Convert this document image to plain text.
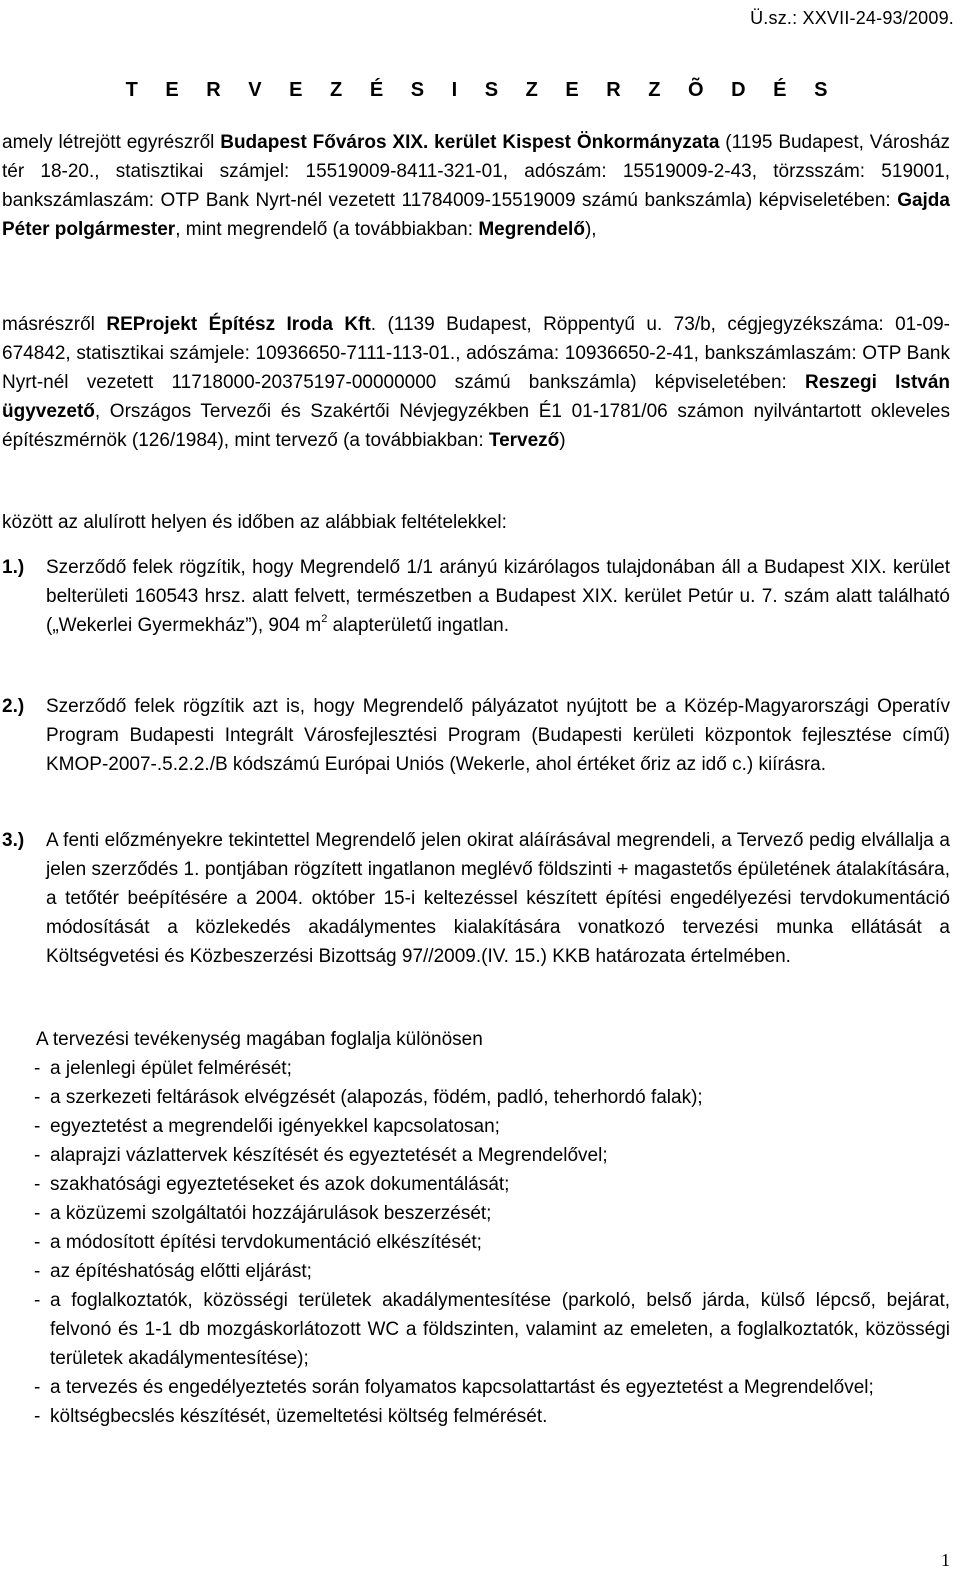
Ü.sz.: XXVII-24-93/2009.
T E R V E Z É S I S Z E R Z Õ D É S

amely létrejött egyrészről Budapest Főváros XIX. kerület Kispest Önkormányzata (1195 Budapest, Városház tér 18-20., statisztikai számjel: 15519009-8411-321-01, adószám: 15519009-2-43, törzsszám: 519001, bankszámlaszám: OTP Bank Nyrt-nél vezetett 11784009-15519009 számú bankszámla) képviseletében: Gajda Péter polgármester, mint megrendelő (a továbbiakban: Megrendelő),

másrészről REProjekt Építész Iroda Kft. (1139 Budapest, Röppentyű u. 73/b, cégjegyzékszáma: 01-09-674842, statisztikai számjele: 10936650-7111-113-01., adószáma: 10936650-2-41, bankszámlaszám: OTP Bank Nyrt-nél vezetett 11718000-20375197-00000000 számú bankszámla) képviseletében: Reszegi István ügyvezető, Országos Tervezői és Szakértői Névjegyzékben É1 01-1781/06 számon nyilvántartott okleveles építészmérnök (126/1984), mint tervező (a továbbiakban: Tervező)

között az alulírott helyen és időben az alábbiak feltételekkel:
1.)	Szerződő felek rögzítik, hogy Megrendelő 1/1 arányú kizárólagos tulajdonában áll a Budapest XIX. kerület belterületi 160543 hrsz. alatt felvett, természetben a Budapest XIX. kerület Petúr u. 7. szám alatt található („Wekerlei Gyermekház”), 904 $m^2$ alapterületű ingatlan.
2.)	Szerződő felek rögzítik azt is, hogy Megrendelő pályázatot nyújtott be a Közép-Magyarországi Operatív Program Budapesti Integrált Városfejlesztési Program (Budapesti kerületi központok fejlesztése című) KMOP-2007-.5.2.2./B kódszámú Európai Uniós (Wekerle, ahol értéket őriz az idő c.) kiírásra.
3.)	A fenti előzményekre tekintettel Megrendelő jelen okirat aláírásával megrendeli, a Tervező pedig elvállalja a jelen szerződés 1. pontjában rögzített ingatlanon meglévő földszinti + magastetős épületének átalakítására, a tetőtér beépítésére a 2004. október 15-i keltezéssel készített építési engedélyezési tervdokumentáció módosítását a közlekedés akadálymentes kialakítására vonatkozó tervezési munka ellátását a Költségvetési és Közbeszerzési Bizottság 97//2009.(IV. 15.) KKB határozata értelmében.
A tervezési tevékenység magában foglalja különösen
- a jelenlegi épület felmérését;
- a szerkezeti feltárások elvégzését (alapozás, födém, padló, teherhordó falak);
- egyeztetést a megrendelői igényekkel kapcsolatosan;
- alaprajzi vázlattervek készítését és egyeztetését a Megrendelővel;
- szakhatósági egyeztetéseket és azok dokumentálását;
- a közüzemi szolgáltatói hozzájárulások beszerzését;
- a módosított építési tervdokumentáció elkészítését;
- az építéshatóság előtti eljárást;
- a foglalkoztatók, közösségi területek akadálymentesítése (parkoló, belső járda, külső lépcső, bejárat, felvonó és 1-1 db mozgáskorlátozott WC a földszinten, valamint az emeleten, a foglalkoztatók, közösségi területek akadálymentesítése);
- a tervezés és engedélyeztetés során folyamatos kapcsolattartást és egyeztetést a Megrendelővel;
- költségbecslés készítését, üzemeltetési költség felmérését.
1
